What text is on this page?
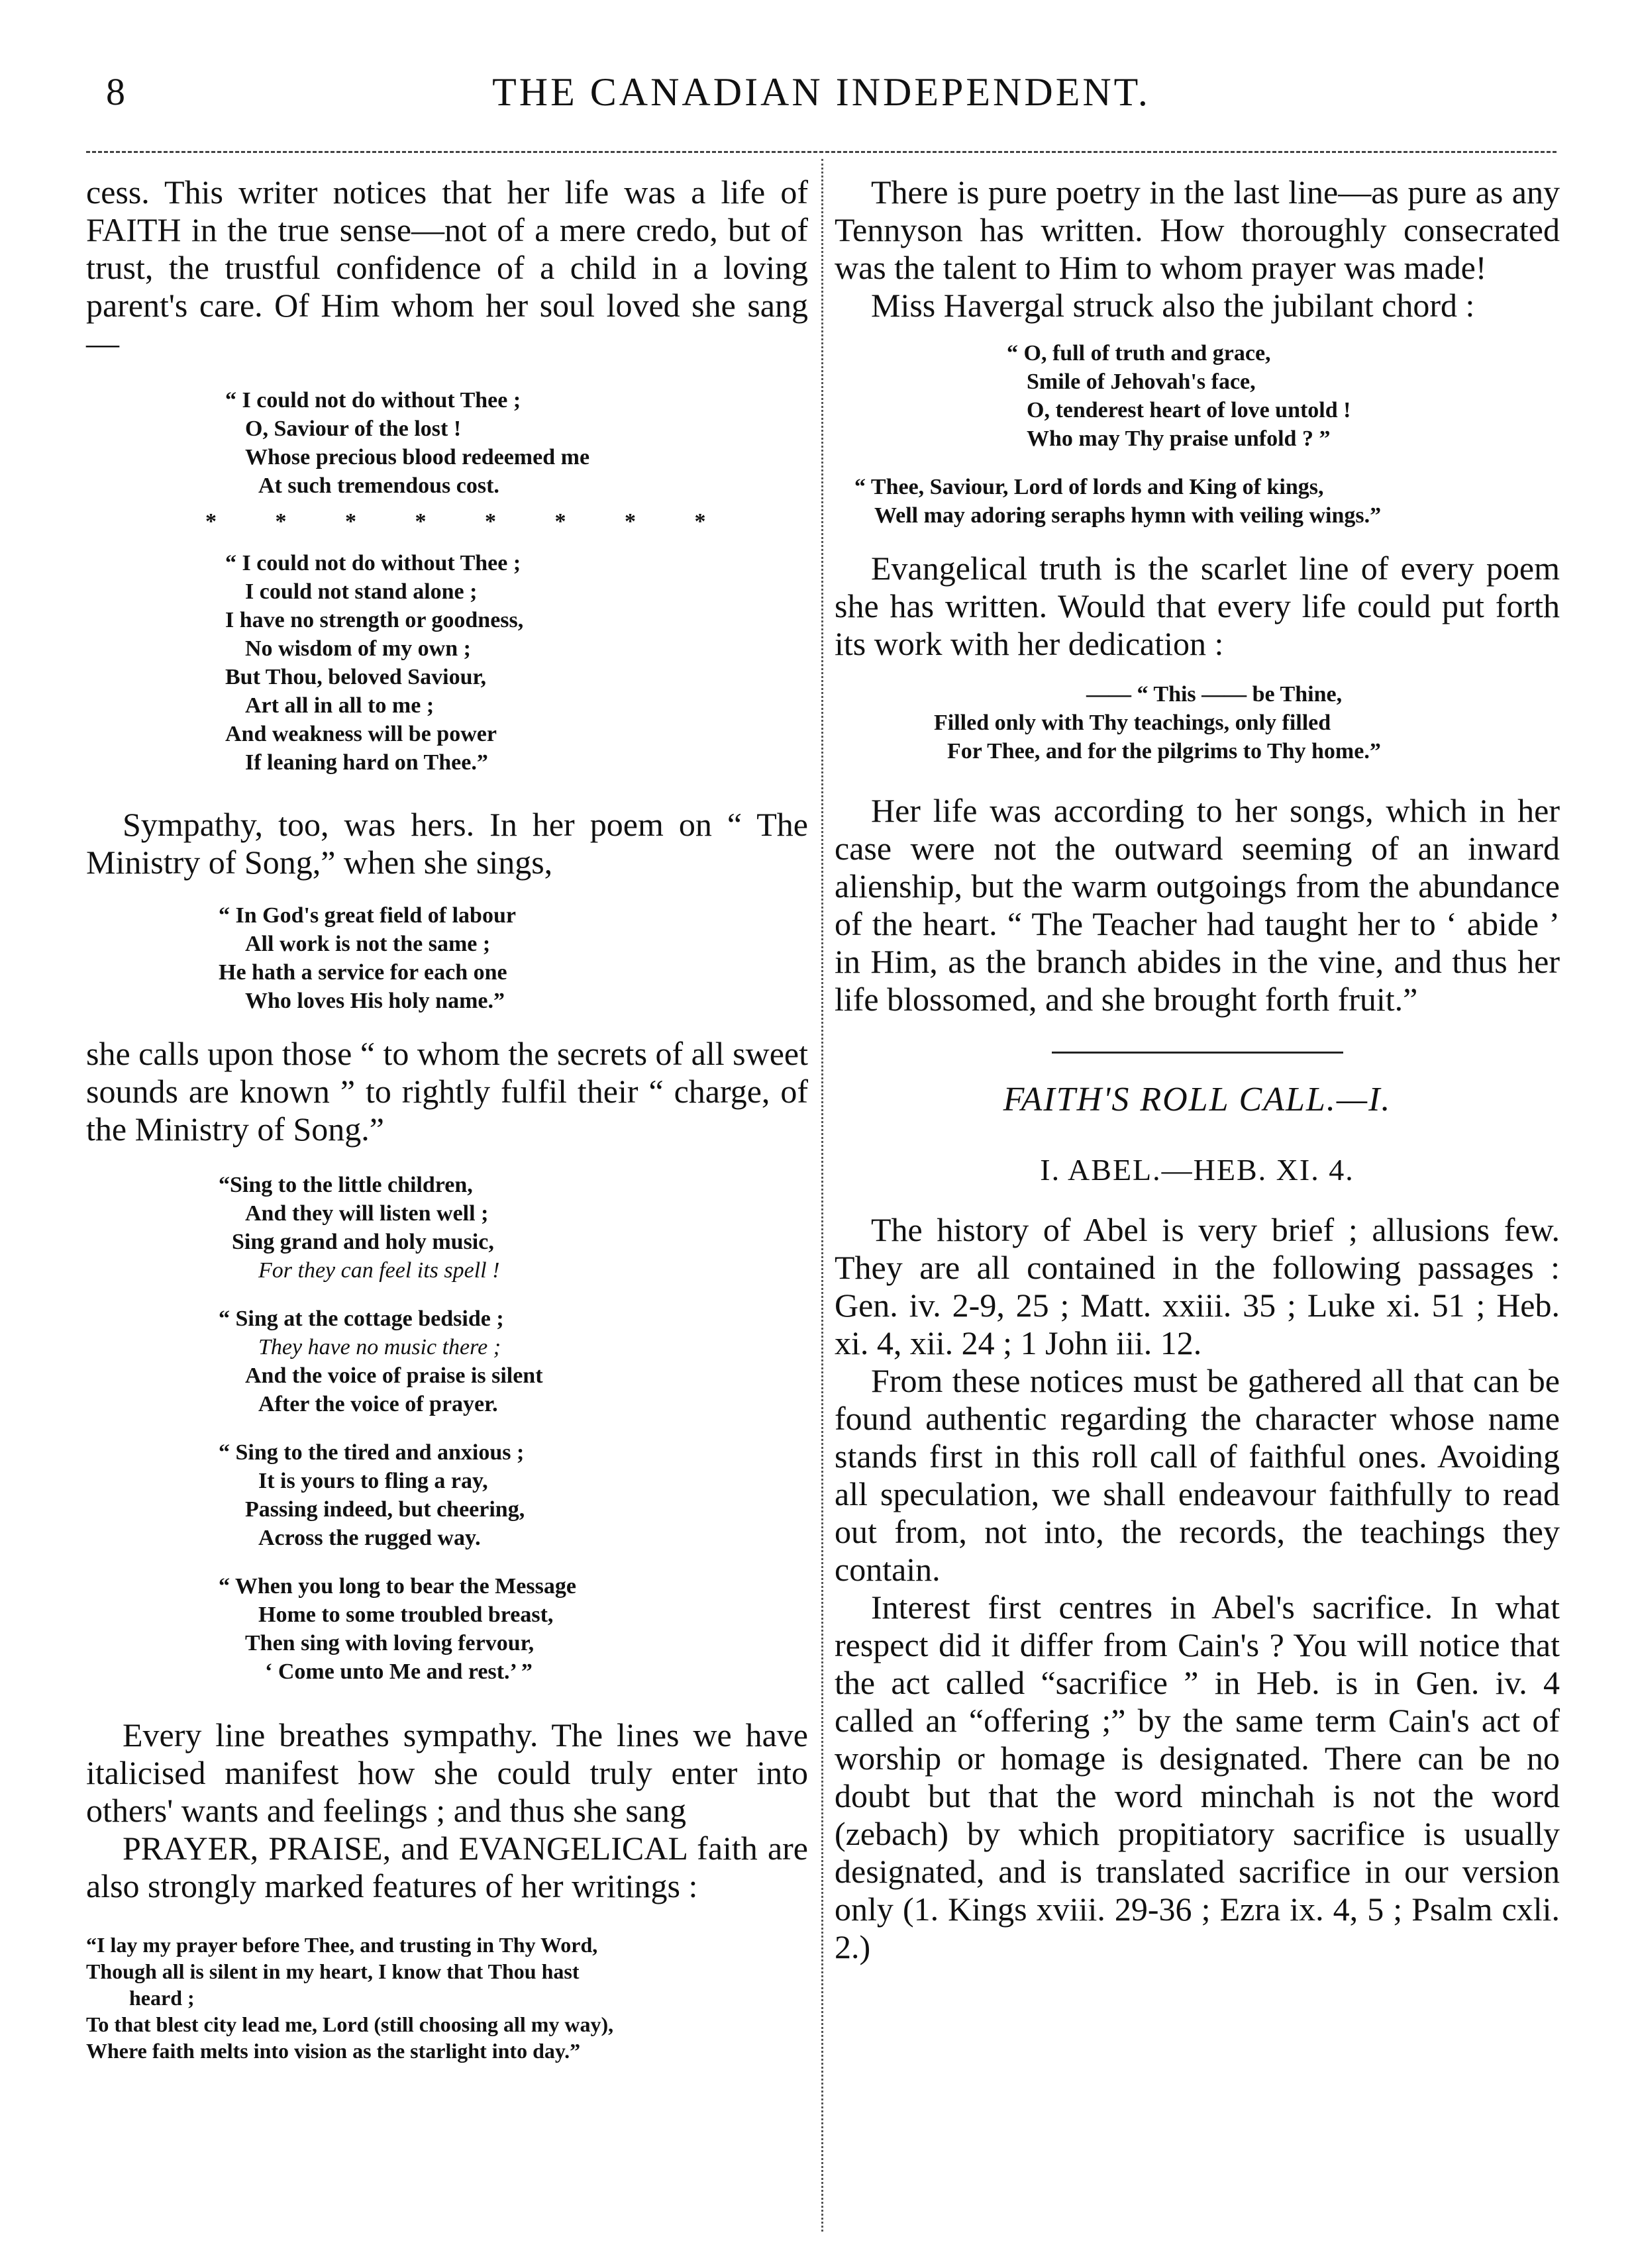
8	THE CANADIAN INDEPENDENT.

cess. This writer notices that her life was a life of FAITH in the true sense—not of a mere credo, but of trust, the trustful confidence of a child in a loving parent's care. Of Him whom her soul loved she sang—

“ I could not do without Thee ;
O, Saviour of the lost !
Whose precious blood redeemed me
At such tremendous cost.

* * * * * * * *

“ I could not do without Thee ;
I could not stand alone ;
I have no strength or goodness,
No wisdom of my own ;
But Thou, beloved Saviour,
Art all in all to me ;
And weakness will be power
If leaning hard on Thee.”

Sympathy, too, was hers. In her poem on “ The Ministry of Song,” when she sings,

“ In God's great field of labour
All work is not the same ;
He hath a service for each one
Who loves His holy name.”

she calls upon those “ to whom the secrets of all sweet sounds are known ” to rightly fulfil their “ charge, of the Ministry of Song.”

“Sing to the little children,
And they will listen well ;
Sing grand and holy music,
For they can feel its spell !
“ Sing at the cottage bedside ;
They have no music there ;
And the voice of praise is silent
After the voice of prayer.
“ Sing to the tired and anxious ;
It is yours to fling a ray,
Passing indeed, but cheering,
Across the rugged way.
“ When you long to bear the Message
Home to some troubled breast,
Then sing with loving fervour,
‘ Come unto Me and rest.’ ”

Every line breathes sympathy. The lines we have italicised manifest how she could truly enter into others' wants and feelings ; and thus she sang

PRAYER, PRAISE, and EVANGELICAL faith are also strongly marked features of her writings :

“I lay my prayer before Thee, and trusting in Thy Word,
Though all is silent in my heart, I know that Thou hast
heard ;
To that blest city lead me, Lord (still choosing all my way),
Where faith melts into vision as the starlight into day.”

There is pure poetry in the last line—as pure as any Tennyson has written. How thoroughly consecrated was the talent to Him to whom prayer was made!

Miss Havergal struck also the jubilant chord :

“ O, full of truth and grace,
Smile of Jehovah's face,
O, tenderest heart of love untold !
Who may Thy praise unfold ? ”
“ Thee, Saviour, Lord of lords and King of kings,
Well may adoring seraphs hymn with veiling wings.”

Evangelical truth is the scarlet line of every poem she has written. Would that every life could put forth its work with her dedication :

—— “ This —— be Thine,
Filled only with Thy teachings, only filled
For Thee, and for the pilgrims to Thy home.”

Her life was according to her songs, which in her case were not the outward seeming of an inward alienship, but the warm outgoings from the abundance of the heart. “ The Teacher had taught her to ‘ abide ’ in Him, as the branch abides in the vine, and thus her life blossomed, and she brought forth fruit.”

FAITH'S ROLL CALL.—I.

I. ABEL.—HEB. XI. 4.

The history of Abel is very brief ; allusions few. They are all contained in the following passages : Gen. iv. 2-9, 25 ; Matt. xxiii. 35 ; Luke xi. 51 ; Heb. xi. 4, xii. 24 ; 1 John iii. 12.

From these notices must be gathered all that can be found authentic regarding the character whose name stands first in this roll call of faithful ones. Avoiding all speculation, we shall endeavour faithfully to read out from, not into, the records, the teachings they contain.

Interest first centres in Abel's sacrifice. In what respect did it differ from Cain's ? You will notice that the act called “sacrifice ” in Heb. is in Gen. iv. 4 called an “offering ;” by the same term Cain's act of worship or homage is designated. There can be no doubt but that the word minchah is not the word (zebach) by which propitiatory sacrifice is usually designated, and is translated sacrifice in our version only (1. Kings xviii. 29-36 ; Ezra ix. 4, 5 ; Psalm cxli. 2.)
